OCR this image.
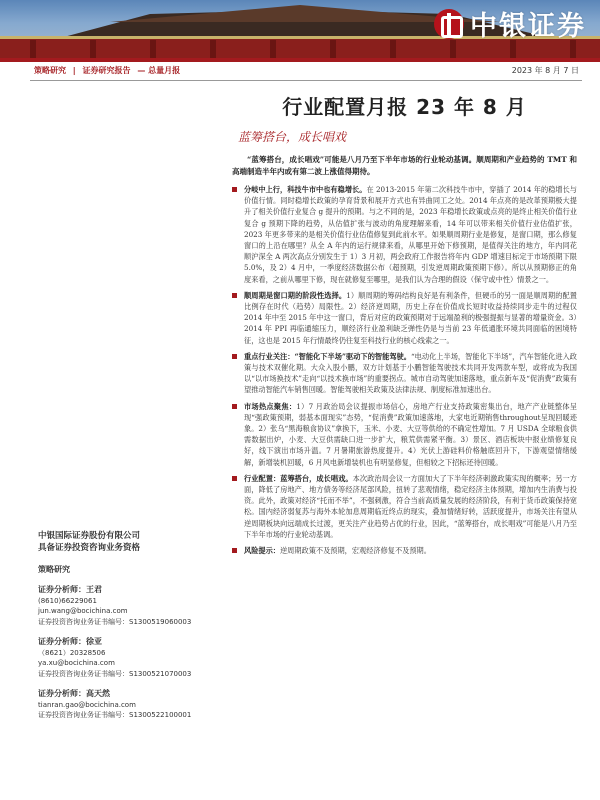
中银证券
策略研究 | 证券研究报告 — 总量月报	2023 年 8 月 7 日
行业配置月报 23 年 8 月
蓝筹搭台，成长唱戏

“蓝筹搭台，成长唱戏”可能是八月乃至下半年市场的行业轮动基调。顺周期和产业趋势的 TMT 和高端制造半年内或有第二波上涨值得期待。

分岐中上行，科技牛市中也有稳增长。在 2013-2015 年第二次科技牛市中，穿插了 2014 年的稳增长与价值行情。同时稳增长政策的孕育背景和展开方式也有异曲同工之处。2014 年点亮的是改革预期极大提升了相关价值行业复合 g 提升的预期。与之不同的是，2023 年稳增长政策或点亮的是终止相关价值行业复合 g 预期下降的趋势，从估值扩张与波动的角度理解来看，14 年可以带来相关价值行业估值扩张，2023 年更多带来的是相关价值行业估值修复到此前水平。如果顺周期行业是修复，是窗口期，那么修复窗口的上沿在哪里？从全 A 年内的运行规律来看，从哪里开始下修预期，是值得关注的地方，年内同花顺沪深全 A 两次高点分别发生于 1）3 月初，两会政府工作报告将年内 GDP 增速目标定于市场预期下限 5.0%，及 2）4 月中，一季度经济数据公布（超预期，引发逆周期政策预期下修）。所以从预期修正的角度来看，之前从哪里下修，现在就修复至哪里，是我们认为合理的假设（保守或中性）情景之一。
顺周期是窗口期的阶段性选择。1）顺周期的筹码结构良好是有利条件，但硬币的另一面是顺周期的配置比例存在时代（趋势）局限性。2）经济逆周期，历史上存在价值成长短时收益持续同步走牛的过程仅 2014 年中至 2015 年中这一窗口，背后对应的政策预期对于远端盈利的极强提振与显著的增量资金。3）2014 年 PPI 再临通缩压力，顺经济行业盈利缺乏弹性仍是与当前 23 年低通胀环境共同面临的困境特征，这也是 2015 年行情最终仍往复至科技行业的核心线索之一。
重点行业关注：“智能化下半场”驱动下的智能驾驶。“电动化上半场，智能化下半场”，汽车智能化进入政策与技术双催化期。大众入股小鹏，双方计划基于小鹏智能驾驶技术共同开发两款车型，或将成为我国以“以市场换技术”走向“以技术换市场”的重要拐点。城市自动驾驶加速落地，重点新车及“促消费”政策有望推动智能汽车销售回暖。智能驾驶相关政策及法律法规、制度标准加速出台。
市场热点聚焦：1）7 月政治局会议提振市场信心，房地产行业支持政策密集出台，地产产业链整体呈现“强政策预期，弱基本面现实”态势，“促消费”政策加速落地，大家电近期销售throughout呈现回暖迹象。2）张乌“黑海粮食协议”拿换下，玉米、小麦、大豆等供给的不确定性增加。7 月 USDA 全球粮食供需数据出炉，小麦、大豆供需缺口进一步扩大，粮荒供需紧平衡。3）景区、酒店板块中报业绩修复良好，线下演出市场升温。7 月暑期旅游热度提升。4）光伏上游硅料价格触底回升下，下游观望情绪缓解，新增装机回暖，6 月风电新增装机也有明显修复，但相较之下招标还待回暖。
行业配置：蓝筹搭台，成长唱戏。本次政治局会议一方面加大了下半年经济刺激政策实现的概率；另一方面，降低了房地产、地方债务等经济尾部风险，扭转了悲观情绪，稳定经济主体预期，增加内生消费与投资。此外，政策对经济“托而不举”，不强刺激，符合当前高质量发展的经济阶段，有利于货币政策保持宽松。国内经济弱复苏与海外本轮加息周期临近终点的现实，叠加情绪好转，活跃度提升，市场关注有望从逆周期板块向远端成长过渡，更关注产业趋势占优的行业，因此，“蓝筹搭台，成长唱戏”可能是八月乃至下半年市场的行业轮动基调。
风险提示：逆周期政策不及预期，宏观经济修复不及预期。
中银国际证券股份有限公司
具备证券投资咨询业务资格
策略研究
证券分析师：王君
(8610)66229061
jun.wang@bocichina.com
证券投资咨询业务证书编号：S1300519060003
证券分析师：徐亚
（8621）20328506
ya.xu@bocichina.com
证券投资咨询业务证书编号：S1300521070003
证券分析师：高天然
tianran.gao@bocichina.com
证券投资咨询业务证书编号：S1300522100001
